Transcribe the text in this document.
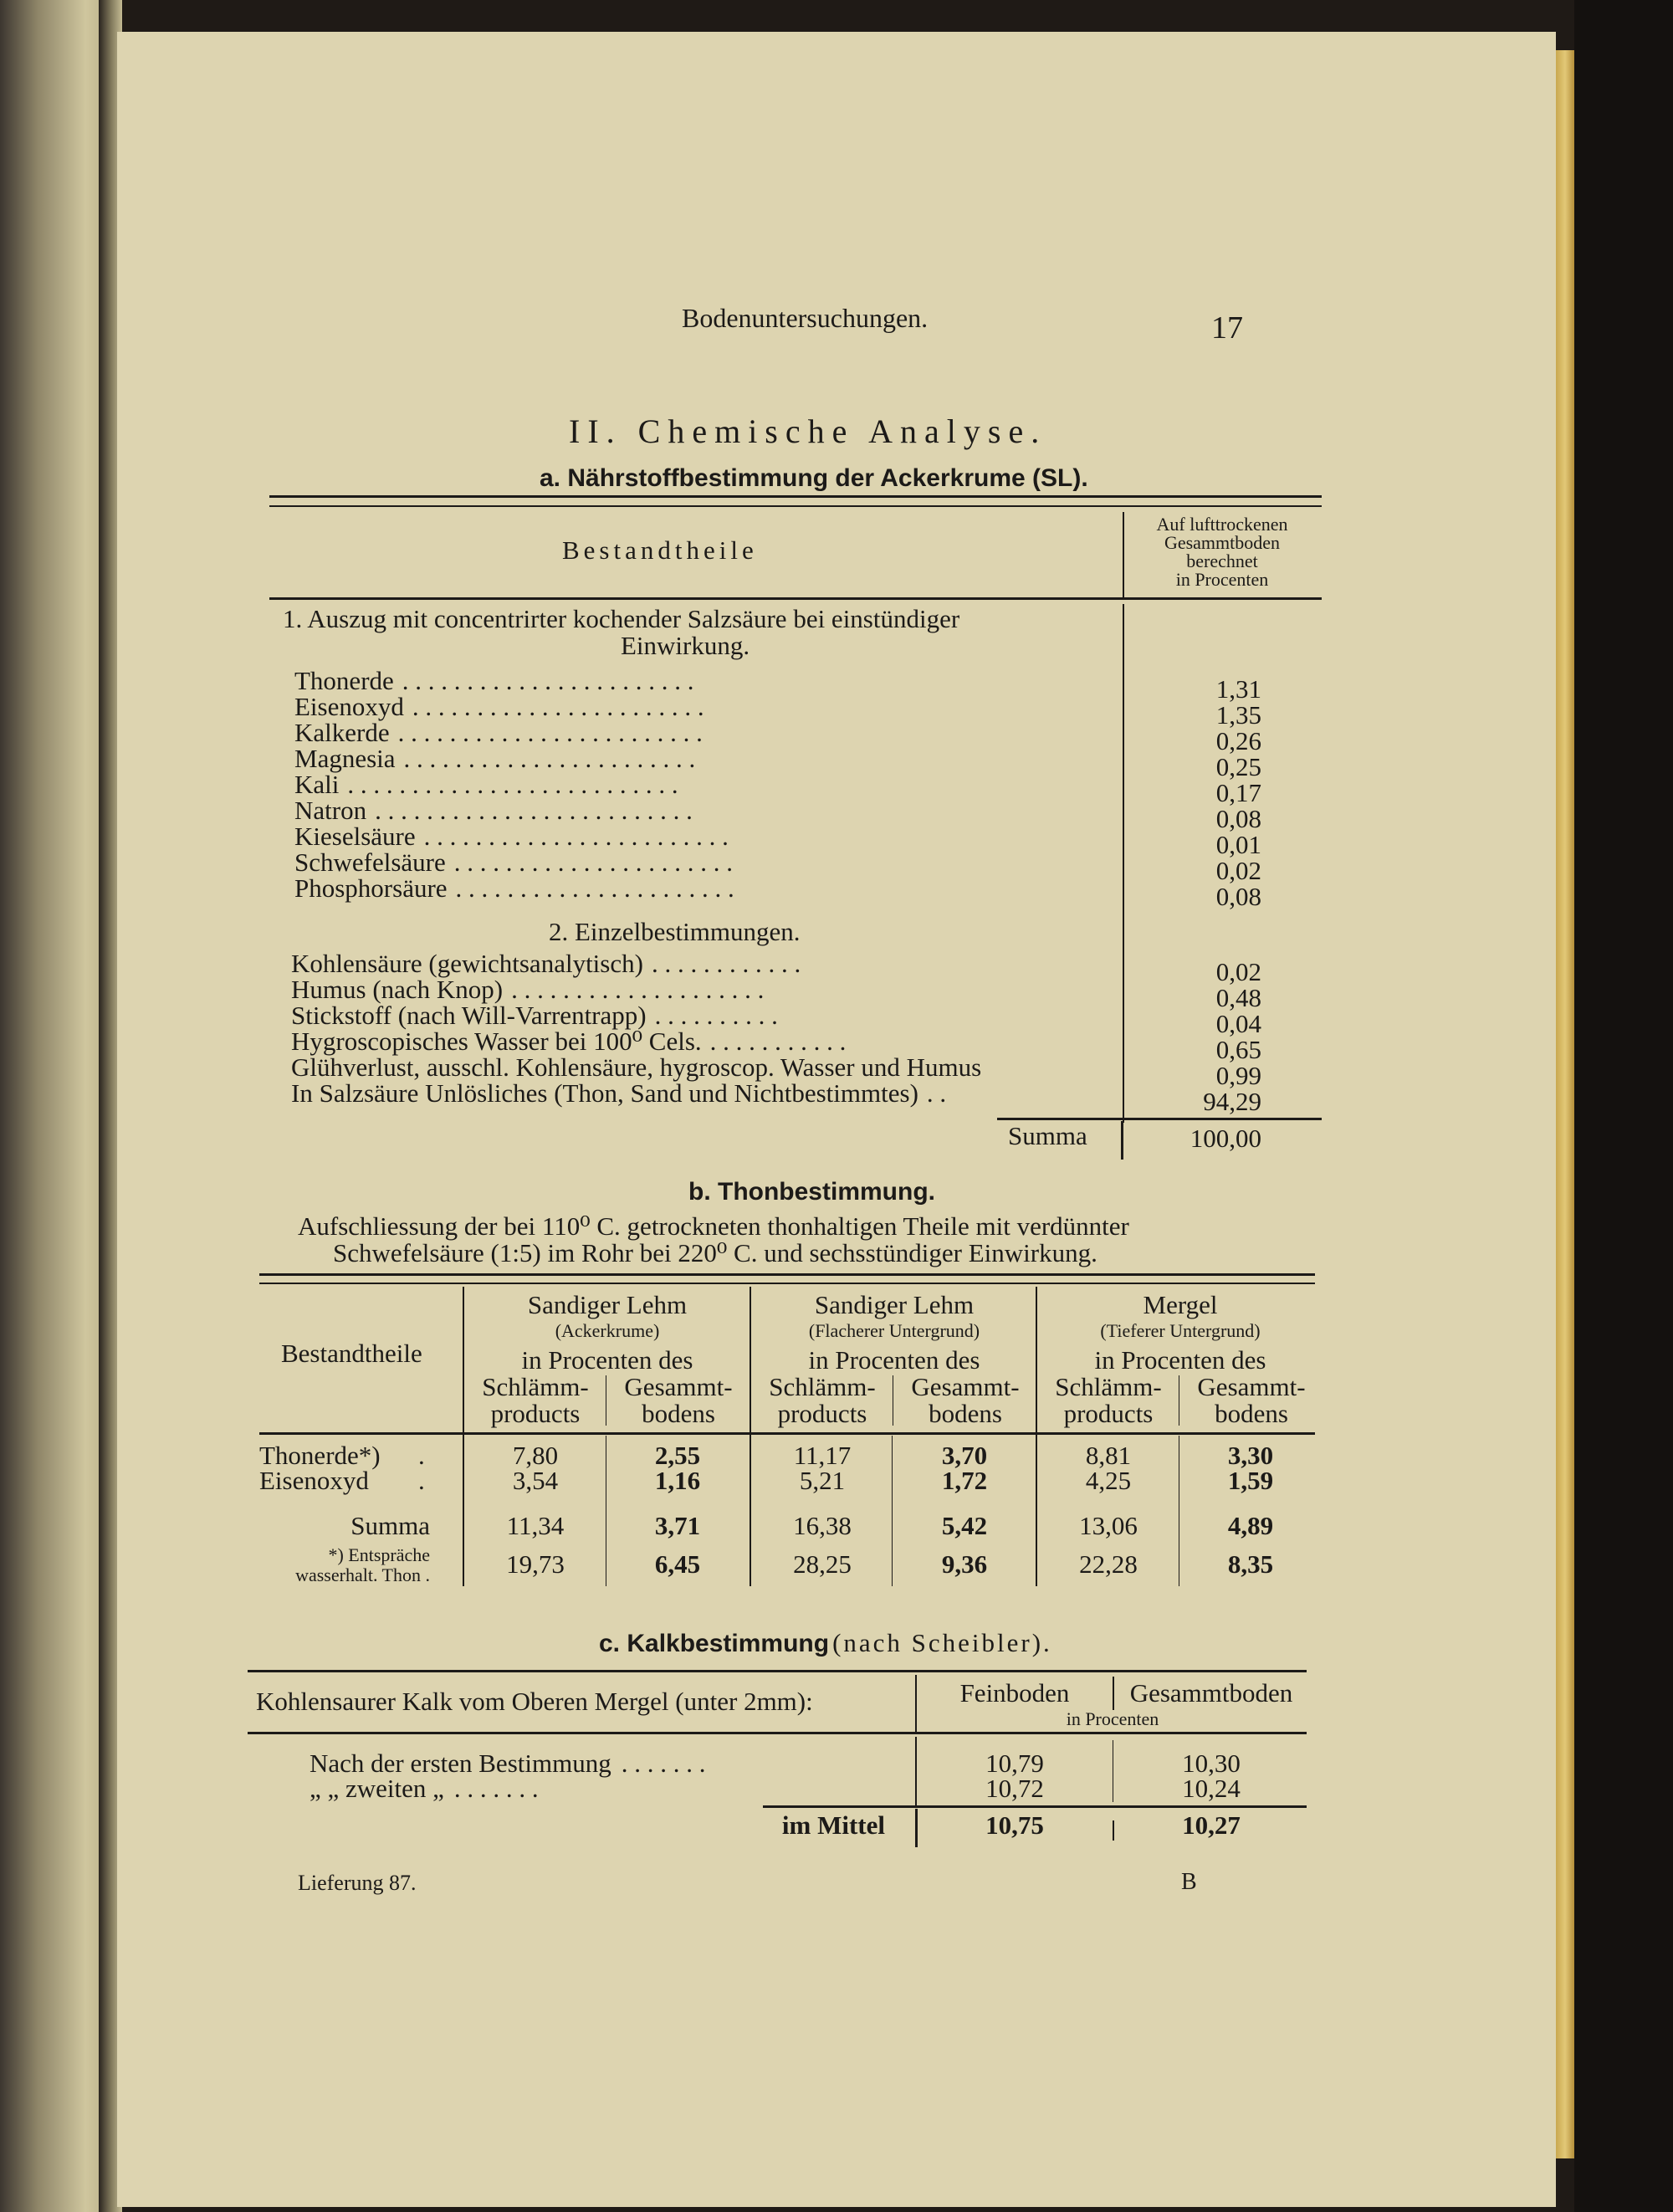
Bodenuntersuchungen.	17
II. Chemische Analyse.
a. Nährstoffbestimmung der Ackerkrume (SL).
Bestandtheile
Auf lufttrockenen
Gesammtboden
berechnet
in Procenten
1. Auszug mit concentrirter kochender Salzsäure bei einstündiger
Einwirkung.
Thonerde . . . . . . . . . . . . . . . . . . . . . . .	1,31
Eisenoxyd . . . . . . . . . . . . . . . . . . . . . . .	1,35
Kalkerde . . . . . . . . . . . . . . . . . . . . . . . .	0,26
Magnesia . . . . . . . . . . . . . . . . . . . . . . .	0,25
Kali . . . . . . . . . . . . . . . . . . . . . . . . . .	0,17
Natron . . . . . . . . . . . . . . . . . . . . . . . . .	0,08
Kieselsäure . . . . . . . . . . . . . . . . . . . . . . . .	0,01
Schwefelsäure . . . . . . . . . . . . . . . . . . . . . .	0,02
Phosphorsäure . . . . . . . . . . . . . . . . . . . . . .	0,08
2. Einzelbestimmungen.
Kohlensäure (gewichtsanalytisch) . . . . . . . . . . . .	0,02
Humus (nach Knop) . . . . . . . . . . . . . . . . . . . .	0,48
Stickstoff (nach Will-Varrentrapp) . . . . . . . . . .	0,04
Hygroscopisches Wasser bei 100⁰ Cels. . . . . . . . . . . .	0,65
Glühverlust, ausschl. Kohlensäure, hygroscop. Wasser und Humus	0,99
In Salzsäure Unlösliches (Thon, Sand und Nichtbestimmtes) . .	94,29
Summa	100,00
b. Thonbestimmung.
Aufschliessung der bei 110⁰ C. getrockneten thonhaltigen Theile mit verdünnter
Schwefelsäure (1:5) im Rohr bei 220⁰ C. und sechsstündiger Einwirkung.
Bestandtheile
Sandiger Lehm
(Ackerkrume)
in Procenten des
Schlämm-
products
Gesammt-
bodens
Sandiger Lehm
(Flacherer Untergrund)
in Procenten des
Schlämm-
products
Gesammt-
bodens
Mergel
(Tieferer Untergrund)
in Procenten des
Schlämm-
products
Gesammt-
bodens
Thonerde*) .	7,80	2,55	11,17	3,70	8,81	3,30
Eisenoxyd .	3,54	1,16	5,21	1,72	4,25	1,59
Summa	11,34	3,71	16,38	5,42	13,06	4,89
*) Entspräche
wasserhalt. Thon .	19,73	6,45	28,25	9,36	22,28	8,35
c. Kalkbestimmung (nach Scheibler).
Kohlensaurer Kalk vom Oberen Mergel (unter 2mm):	Feinboden	Gesammtboden
in Procenten
Nach der ersten Bestimmung . . . . . . .	10,79	10,30
„ „ zweiten „ . . . . . . .	10,72	10,24
im Mittel	10,75	10,27
Lieferung 87.	B
